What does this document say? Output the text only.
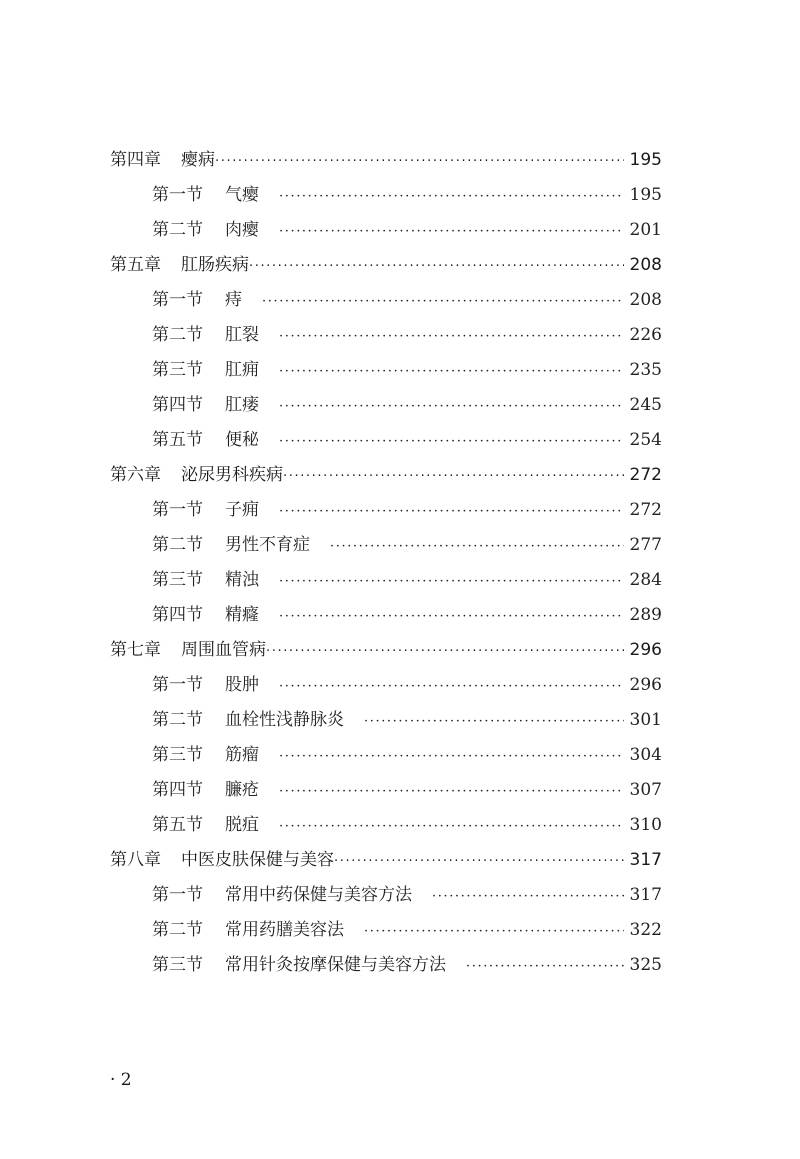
第四章 瘿病 ·····	195
第一节 气瘿 ·····	195
第二节 肉瘿 ·····	201
第五章 肛肠疾病 ·····	208
第一节 痔 ·····	208
第二节 肛裂 ·····	226
第三节 肛痈 ·····	235
第四节 肛瘘 ·····	245
第五节 便秘 ·····	254
第六章 泌尿男科疾病 ·····	272
第一节 子痈 ·····	272
第二节 男性不育症 ·····	277
第三节 精浊 ·····	284
第四节 精癃 ·····	289
第七章 周围血管病 ·····	296
第一节 股肿 ·····	296
第二节 血栓性浅静脉炎 ·····	301
第三节 筋瘤 ·····	304
第四节 臁疮 ·····	307
第五节 脱疽 ·····	310
第八章 中医皮肤保健与美容 ·····	317
第一节 常用中药保健与美容方法 ·····	317
第二节 常用药膳美容法 ·····	322
第三节 常用针灸按摩保健与美容方法 ·····	325
· 2
